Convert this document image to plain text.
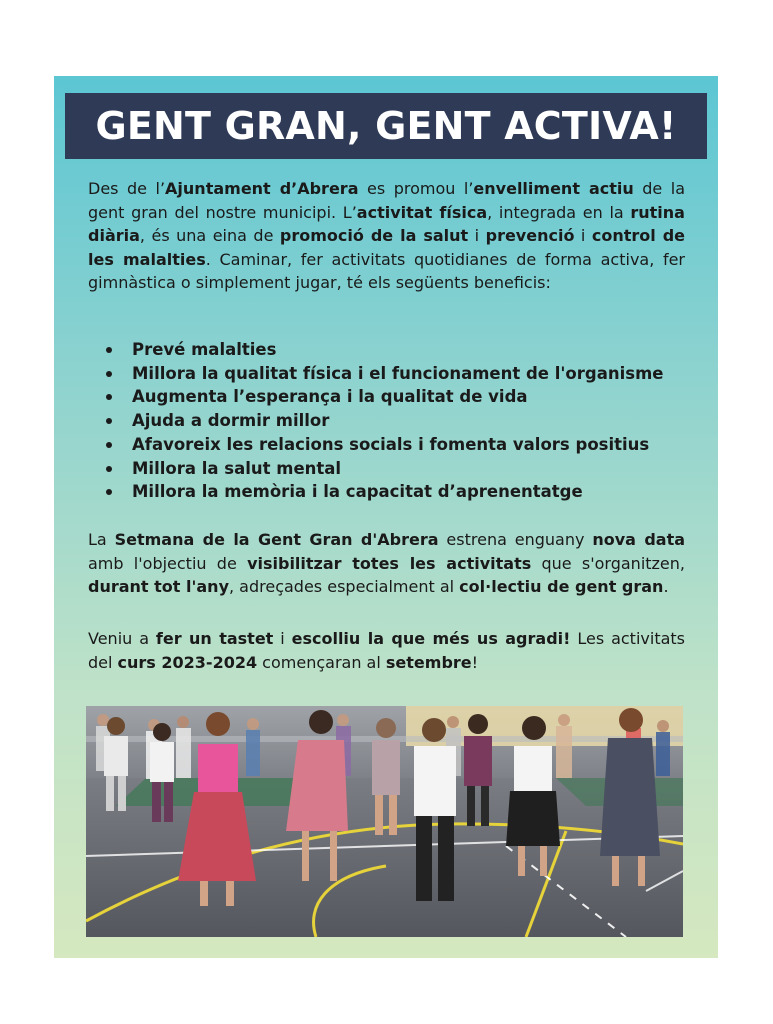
GENT GRAN, GENT ACTIVA!

Des de l’Ajuntament d’Abrera es promou l’envelliment actiu de la gent gran del nostre municipi. L’activitat física, integrada en la rutina diària, és una eina de promoció de la salut i prevenció i control de les malalties. Caminar, fer activitats quotidianes de forma activa, fer gimnàstica o simplement jugar, té els següents beneficis:

Prevé malalties
Millora la qualitat física i el funcionament de l'organisme
Augmenta l’esperança i la qualitat de vida
Ajuda a dormir millor
Afavoreix les relacions socials i fomenta valors positius
Millora la salut mental
Millora la memòria i la capacitat d’aprenentatge

La Setmana de la Gent Gran d'Abrera estrena enguany nova data amb l'objectiu de visibilitzar totes les activitats que s'organitzen, durant tot l'any, adreçades especialment al col·lectiu de gent gran.

Veniu a fer un tastet i escolliu la que més us agradi! Les activitats del curs 2023-2024 començaran al setembre!
